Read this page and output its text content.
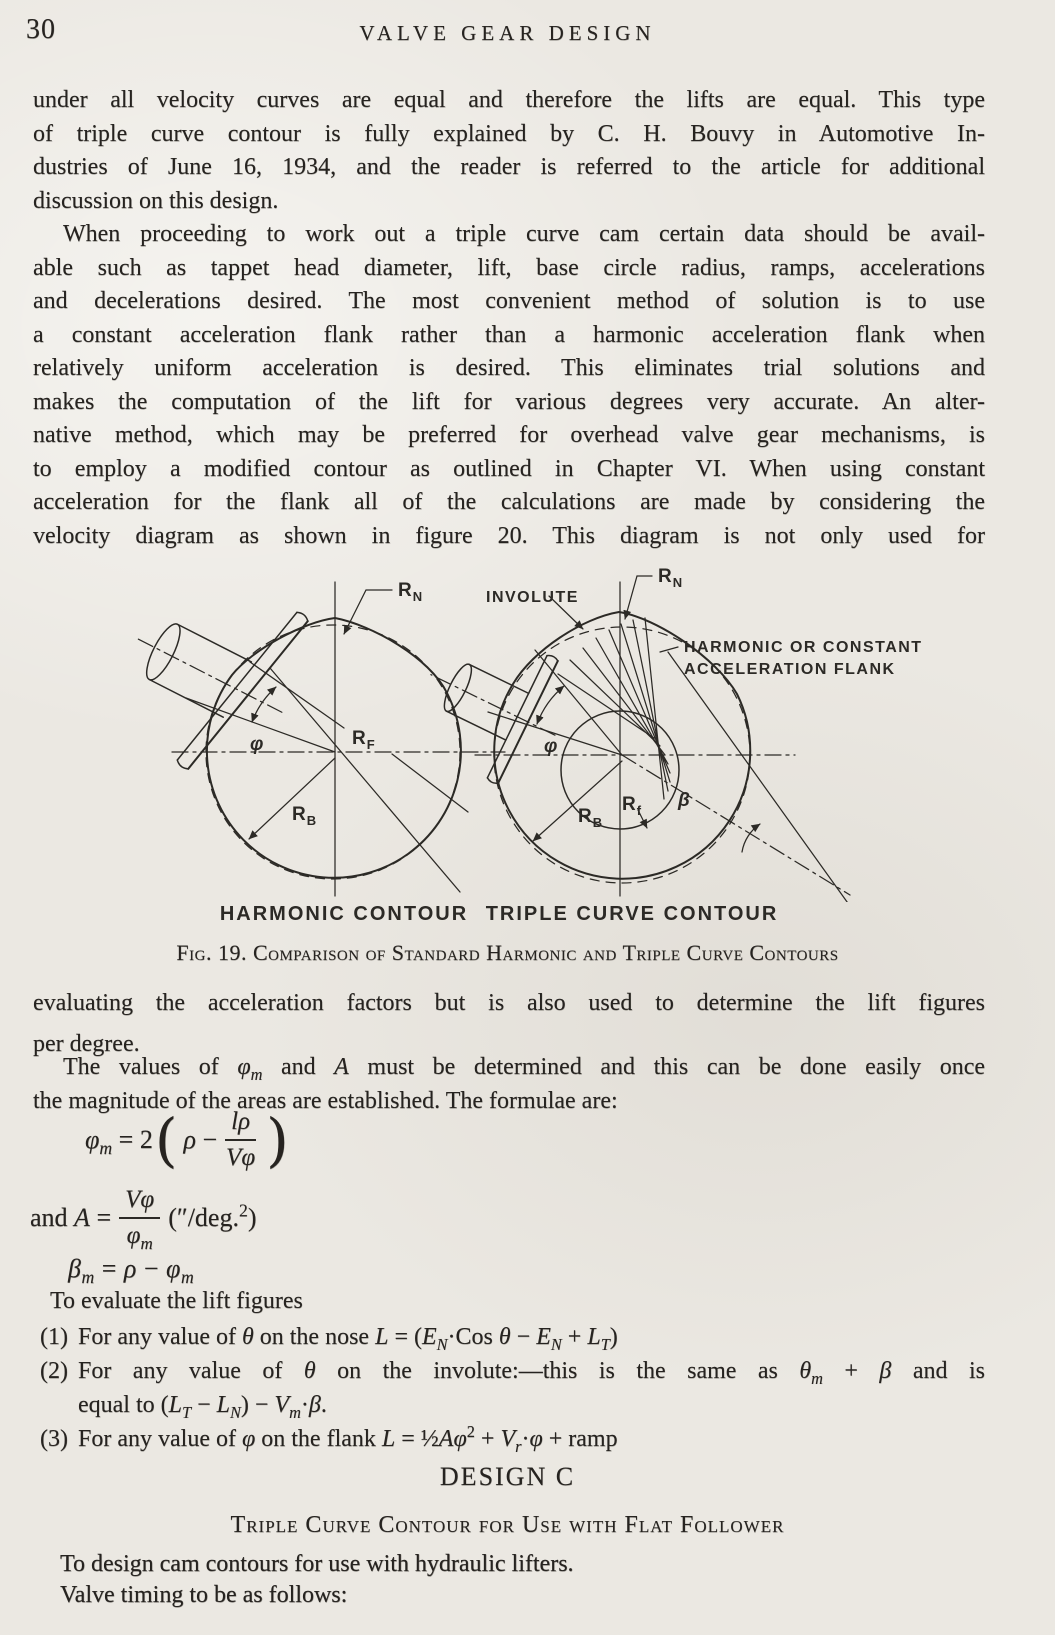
30	VALVE GEAR DESIGN
under all velocity curves are equal and therefore the lifts are equal. This type
of triple curve contour is fully explained by C. H. Bouvy in Automotive In-
dustries of June 16, 1934, and the reader is referred to the article for additional
discussion on this design.
When proceeding to work out a triple curve cam certain data should be avail-
able such as tappet head diameter, lift, base circle radius, ramps, accelerations
and decelerations desired. The most convenient method of solution is to use
a constant acceleration flank rather than a harmonic acceleration flank when
relatively uniform acceleration is desired. This eliminates trial solutions and
makes the computation of the lift for various degrees very accurate. An alter-
native method, which may be preferred for overhead valve gear mechanisms, is
to employ a modified contour as outlined in Chapter VI. When using constant
acceleration for the flank all of the calculations are made by considering the
velocity diagram as shown in figure 20. This diagram is not only used for
$R_N$
$R_F$
$R_B$
φ
$R_N$
INVOLUTE
HARMONIC OR CONSTANT
ACCELERATION FLANK
φ
β
$R_B$
$R_f$
HARMONIC CONTOUR TRIPLE CURVE CONTOUR
Fig. 19. Comparison of Standard Harmonic and Triple Curve Contours
evaluating the acceleration factors but is also used to determine the lift figures
per degree.
The values of $\varphi_m$ and A must be determined and this can be done easily once
the magnitude of the areas are established. The formulae are:
$\varphi_m = 2$ ( $\rho - \frac{l\rho}{V\varphi}$ )
and $A = \frac{V\varphi}{\varphi_m} (''/deg.^2)$
$\beta_m = \rho - \varphi_m$
To evaluate the lift figures
(1) For any value of θ on the nose $L = (E_N\cdot Cos$ $\theta - E_N + L_T$)
(2) For any value of θ on the involute:—this is the same as $\theta_m + \beta$ and is
equal to $(L_T - L_N) - V_m\cdot\beta$.
(3) For any value of φ on the flank $L = \frac{1}{2}A\varphi^2 + V_r\cdot\varphi$ + ramp
DESIGN C
Triple Curve Contour for Use with Flat Follower
To design cam contours for use with hydraulic lifters.
Valve timing to be as follows:
